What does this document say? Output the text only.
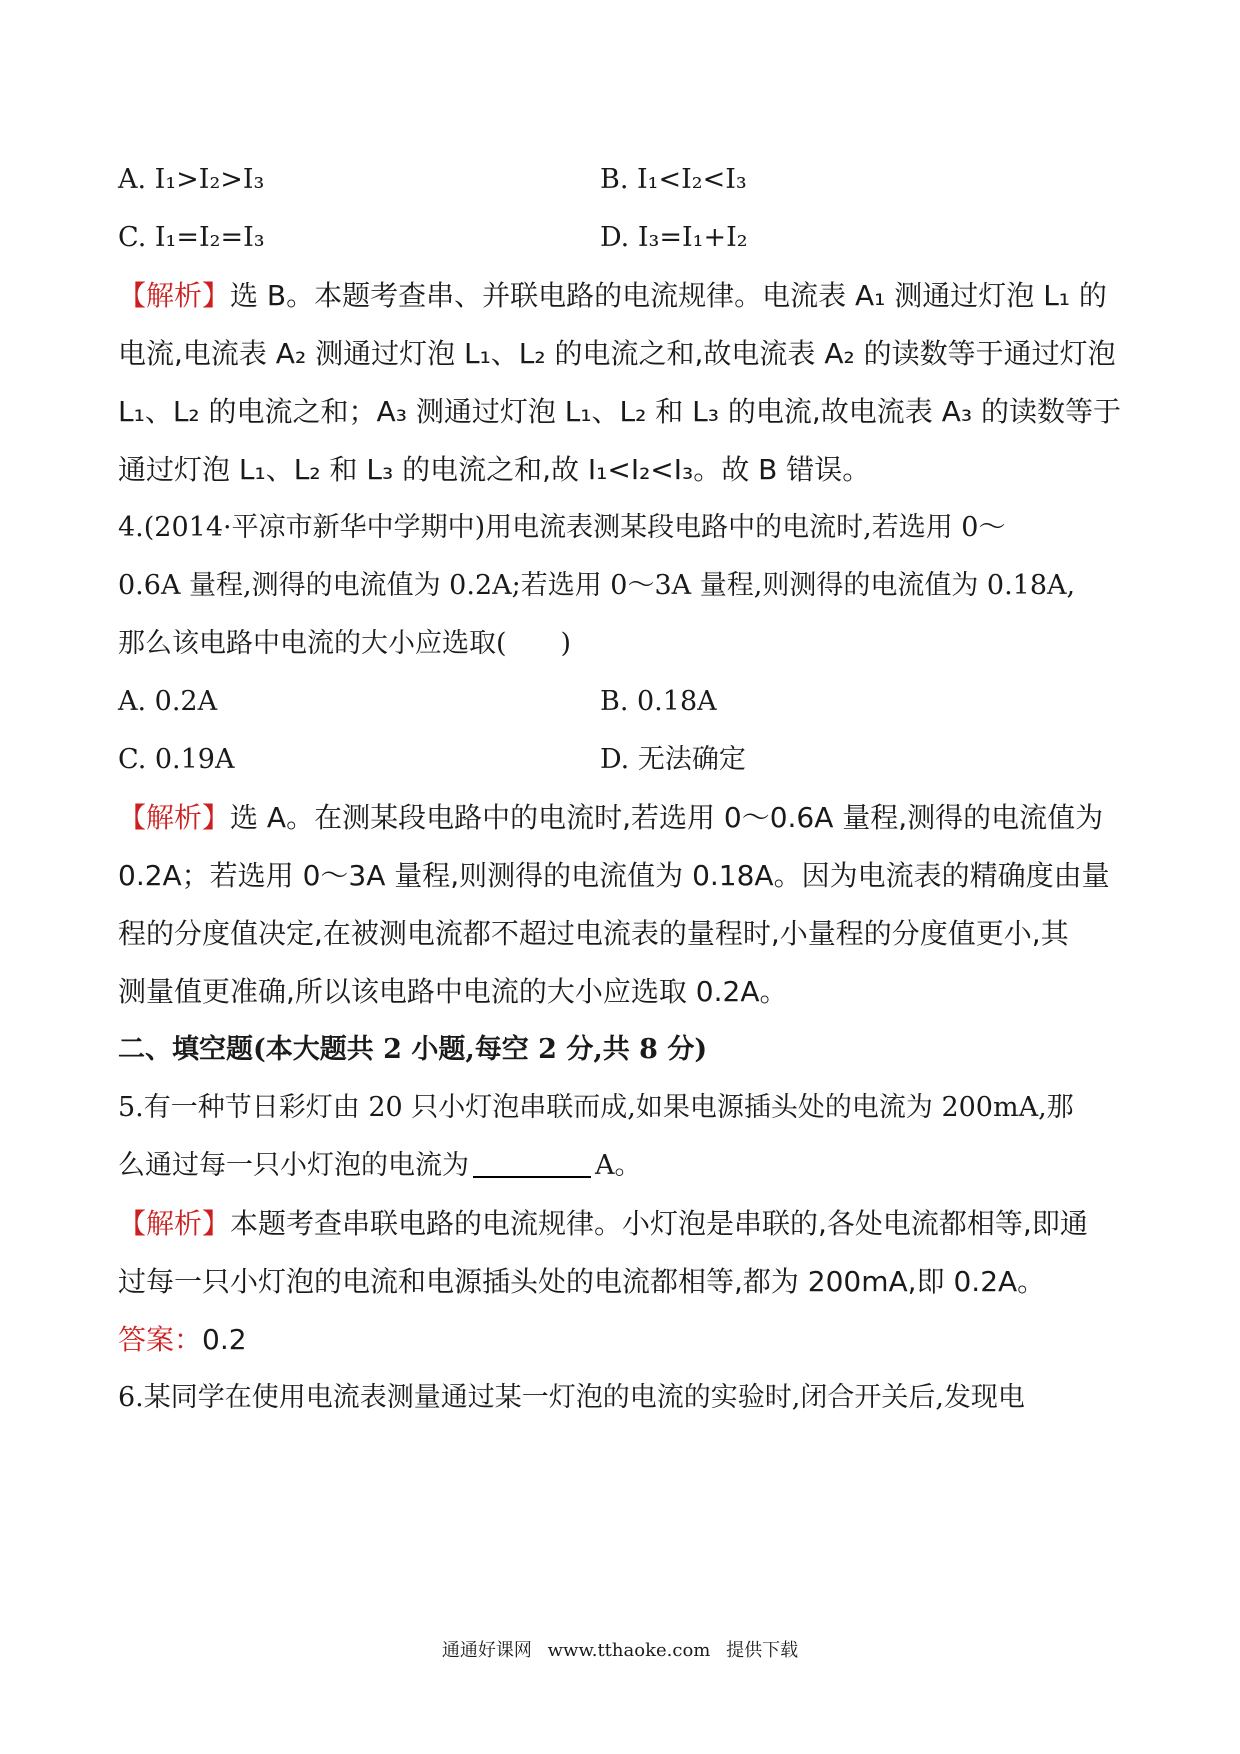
A. I₁>I₂>I₃	B. I₁<I₂<I₃
C. I₁=I₂=I₃	D. I₃=I₁+I₂
【解析】选 B。本题考查串、并联电路的电流规律。电流表 A₁ 测通过灯泡 L₁ 的
电流,电流表 A₂ 测通过灯泡 L₁、L₂ 的电流之和,故电流表 A₂ 的读数等于通过灯泡
L₁、L₂ 的电流之和；A₃ 测通过灯泡 L₁、L₂ 和 L₃ 的电流,故电流表 A₃ 的读数等于
通过灯泡 L₁、L₂ 和 L₃ 的电流之和,故 I₁<I₂<I₃。故 B 错误。
4.(2014·平凉市新华中学期中)用电流表测某段电路中的电流时,若选用 0～
0.6A 量程,测得的电流值为 0.2A;若选用 0～3A 量程,则测得的电流值为 0.18A,
那么该电路中电流的大小应选取(　　)
A. 0.2A	B. 0.18A
C. 0.19A	D. 无法确定
【解析】选 A。在测某段电路中的电流时,若选用 0～0.6A 量程,测得的电流值为
0.2A；若选用 0～3A 量程,则测得的电流值为 0.18A。因为电流表的精确度由量
程的分度值决定,在被测电流都不超过电流表的量程时,小量程的分度值更小,其
测量值更准确,所以该电路中电流的大小应选取 0.2A。
二、填空题(本大题共 2 小题,每空 2 分,共 8 分)
5.有一种节日彩灯由 20 只小灯泡串联而成,如果电源插头处的电流为 200mA,那
么通过每一只小灯泡的电流为	A。
【解析】本题考查串联电路的电流规律。小灯泡是串联的,各处电流都相等,即通
过每一只小灯泡的电流和电源插头处的电流都相等,都为 200mA,即 0.2A。
答案：0.2
6.某同学在使用电流表测量通过某一灯泡的电流的实验时,闭合开关后,发现电
通通好课网 www.tthaoke.com 提供下载
